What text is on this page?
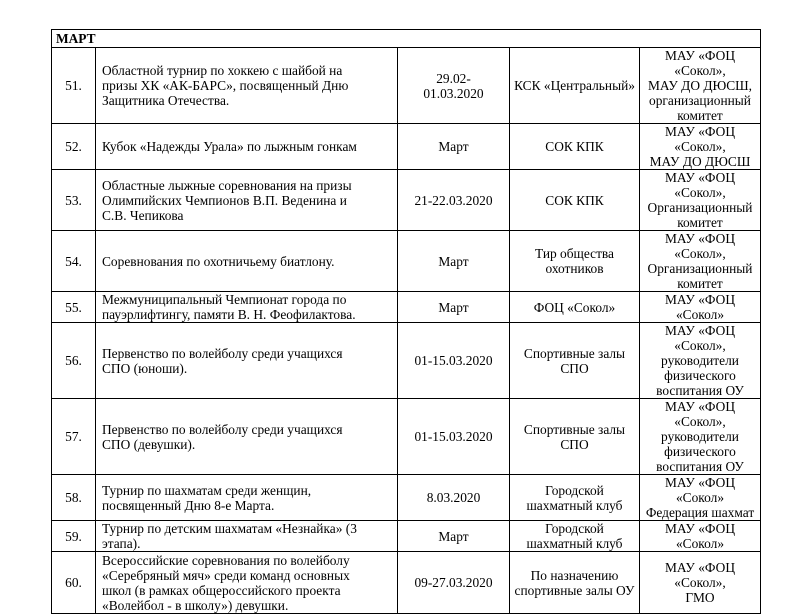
МАРТ				

51.	Областной турнир по хоккею с шайбой на
призы ХК «АК-БАРС», посвященный Дню
Защитника Отечества.	29.02-
01.03.2020	КСК «Центральный»	МАУ «ФОЦ «Сокол»,
МАУ ДО ДЮСШ,
организационный
комитет

52.	Кубок «Надежды Урала» по лыжным гонкам	Март	СОК КПК	МАУ «ФОЦ «Сокол»,
МАУ ДО ДЮСШ

53.	Областные лыжные соревнования на призы
Олимпийских Чемпионов В.П. Веденина и
С.В. Чепикова	21-22.03.2020	СОК КПК	МАУ «ФОЦ «Сокол»,
Организационный
комитет

54.	Соревнования по охотничьему биатлону.	Март	Тир общества
охотников	МАУ «ФОЦ «Сокол»,
Организационный
комитет

55.	Межмуниципальный Чемпионат города по
пауэрлифтингу, памяти В. Н. Феофилактова.	Март	ФОЦ «Сокол»	МАУ «ФОЦ «Сокол»

56.	Первенство по волейболу среди учащихся
СПО (юноши).	01-15.03.2020	Спортивные залы
СПО	МАУ «ФОЦ «Сокол»,
руководители
физического
воспитания ОУ

57.	Первенство по волейболу среди учащихся
СПО (девушки).	01-15.03.2020	Спортивные залы
СПО	МАУ «ФОЦ «Сокол»,
руководители
физического
воспитания ОУ

58.	Турнир по шахматам среди женщин,
посвященный Дню 8-е Марта.	8.03.2020	Городской
шахматный клуб	МАУ «ФОЦ «Сокол»
Федерация шахмат

59.	Турнир по детским шахматам «Незнайка» (3
этапа).	Март	Городской
шахматный клуб	МАУ «ФОЦ «Сокол»

60.	Всероссийские соревнования по волейболу
«Серебряный мяч» среди команд основных
школ (в рамках общероссийского проекта
«Волейбол - в школу») девушки.	09-27.03.2020	По назначению
спортивные залы ОУ	МАУ «ФОЦ «Сокол»,
ГМО
